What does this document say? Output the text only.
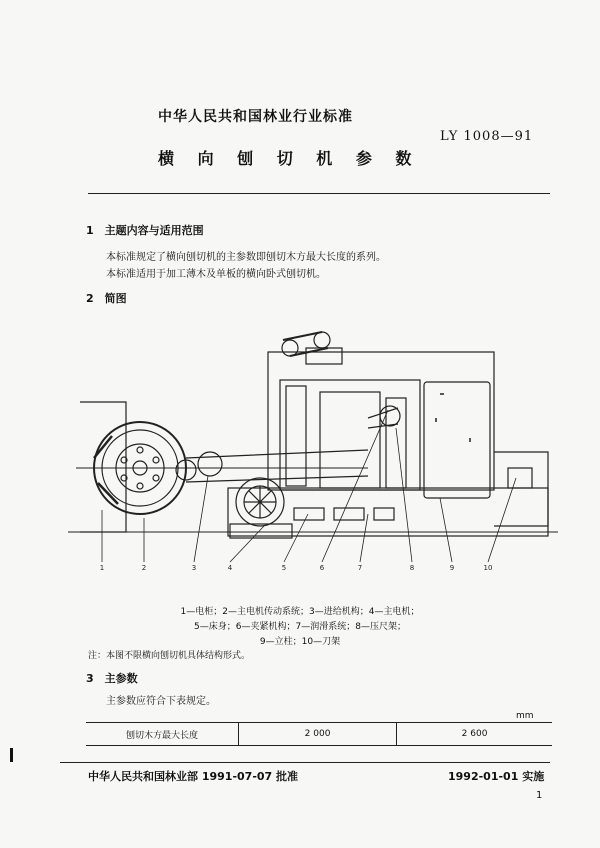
中华人民共和国林业行业标准
LY 1008—91
横 向 刨 切 机 参 数
1　主题内容与适用范围
本标准规定了横向刨切机的主参数即刨切木方最大长度的系列。
本标准适用于加工薄木及单板的横向卧式刨切机。
2　简图
1	2	3	4	5	6	7	8	9	10
1—电柜；2—主电机传动系统；3—进给机构；4—主电机；
5—床身；6—夹紧机构；7—润滑系统；8—压尺架；
9—立柱；10—刀架
注：本图不限横向刨切机具体结构形式。
3　主参数
主参数应符合下表规定。
mm
刨切木方最大长度	2 000	2 600
中华人民共和国林业部 1991-07-07 批准	1992-01-01 实施
1
